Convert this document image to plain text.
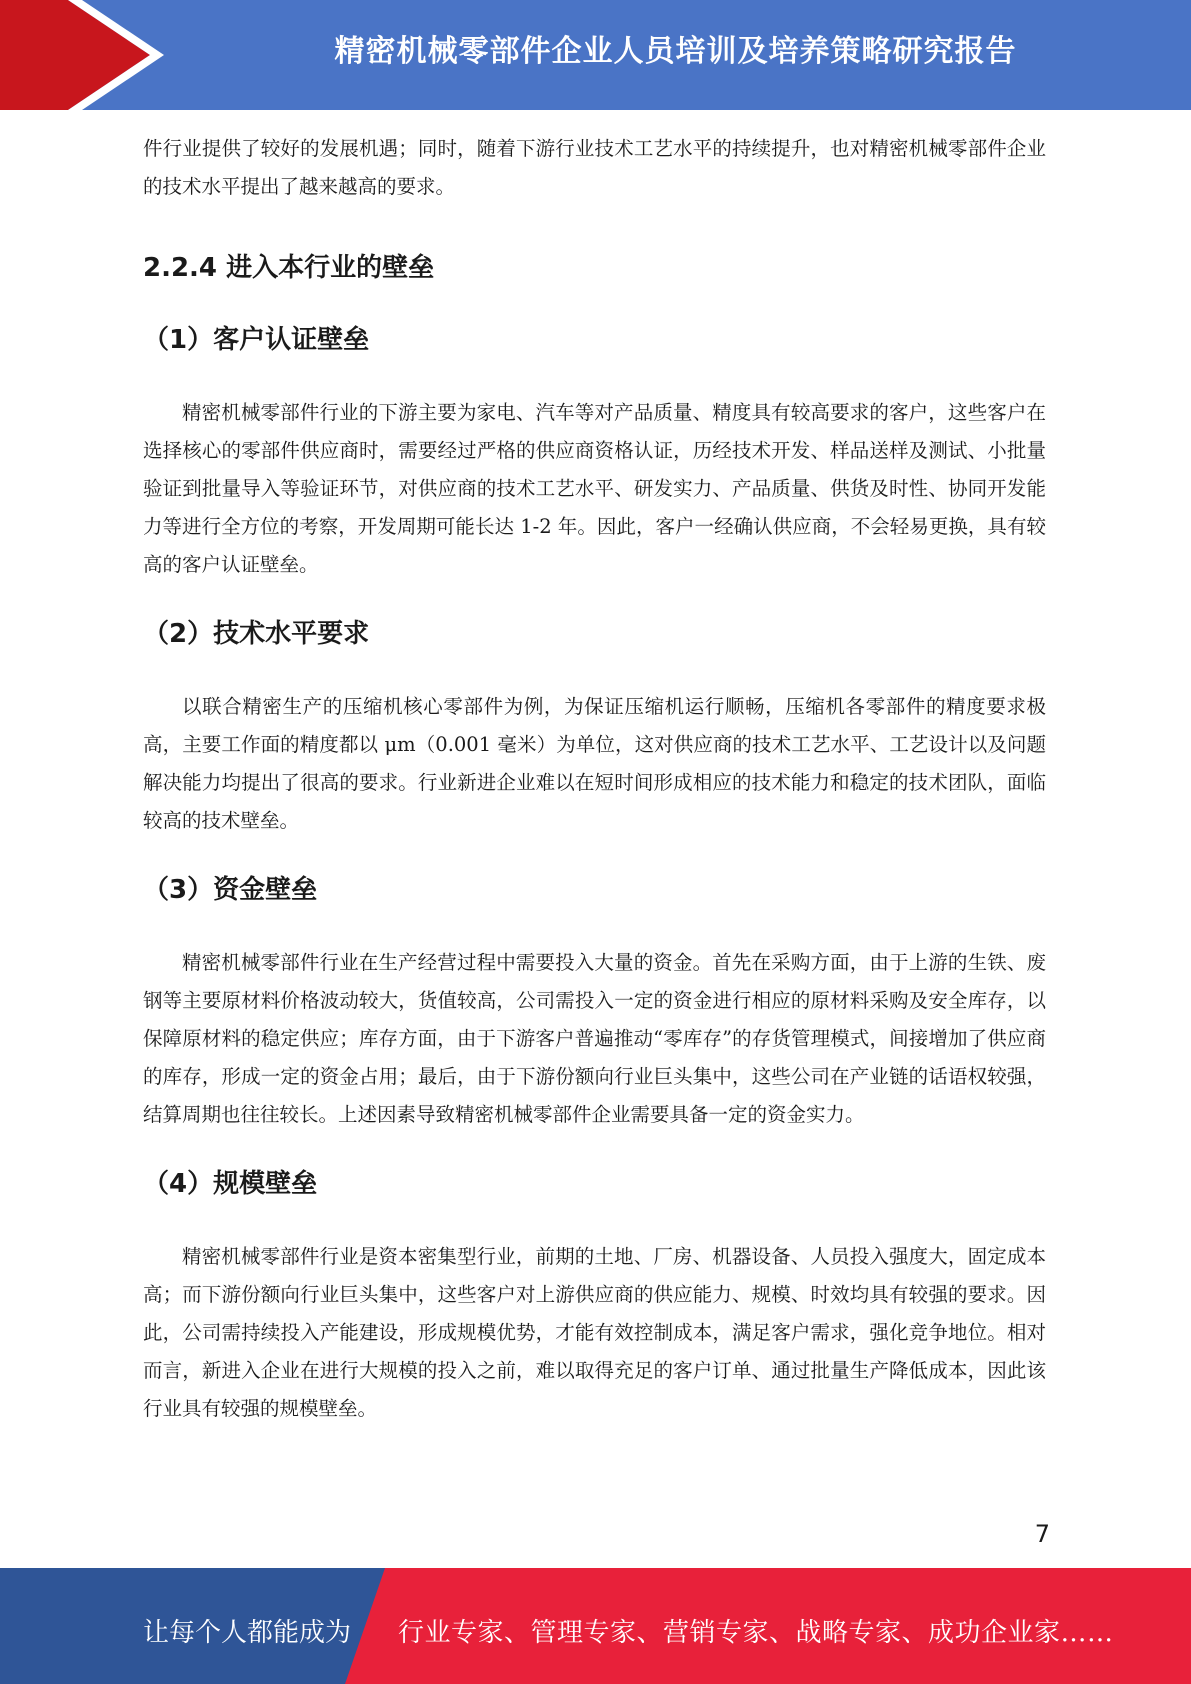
精密机械零部件企业人员培训及培养策略研究报告

件行业提供了较好的发展机遇；同时，随着下游行业技术工艺水平的持续提升，也对精密机械零部件企业的技术水平提出了越来越高的要求。

2.2.4 进入本行业的壁垒
（1）客户认证壁垒

精密机械零部件行业的下游主要为家电、汽车等对产品质量、精度具有较高要求的客户，这些客户在选择核心的零部件供应商时，需要经过严格的供应商资格认证，历经技术开发、样品送样及测试、小批量验证到批量导入等验证环节，对供应商的技术工艺水平、研发实力、产品质量、供货及时性、协同开发能力等进行全方位的考察，开发周期可能长达 1-2 年。因此，客户一经确认供应商，不会轻易更换，具有较高的客户认证壁垒。

（2）技术水平要求

以联合精密生产的压缩机核心零部件为例，为保证压缩机运行顺畅，压缩机各零部件的精度要求极高，主要工作面的精度都以 μm（0.001 毫米）为单位，这对供应商的技术工艺水平、工艺设计以及问题解决能力均提出了很高的要求。行业新进企业难以在短时间形成相应的技术能力和稳定的技术团队，面临较高的技术壁垒。

（3）资金壁垒

精密机械零部件行业在生产经营过程中需要投入大量的资金。首先在采购方面，由于上游的生铁、废钢等主要原材料价格波动较大，货值较高，公司需投入一定的资金进行相应的原材料采购及安全库存，以保障原材料的稳定供应；库存方面，由于下游客户普遍推动“零库存”的存货管理模式，间接增加了供应商的库存，形成一定的资金占用；最后，由于下游份额向行业巨头集中，这些公司在产业链的话语权较强，结算周期也往往较长。上述因素导致精密机械零部件企业需要具备一定的资金实力。

（4）规模壁垒

精密机械零部件行业是资本密集型行业，前期的土地、厂房、机器设备、人员投入强度大，固定成本高；而下游份额向行业巨头集中，这些客户对上游供应商的供应能力、规模、时效均具有较强的要求。因此，公司需持续投入产能建设，形成规模优势，才能有效控制成本，满足客户需求，强化竞争地位。相对而言，新进入企业在进行大规模的投入之前，难以取得充足的客户订单、通过批量生产降低成本，因此该行业具有较强的规模壁垒。

7
让每个人都能成为 行业专家、管理专家、营销专家、战略专家、成功企业家……
